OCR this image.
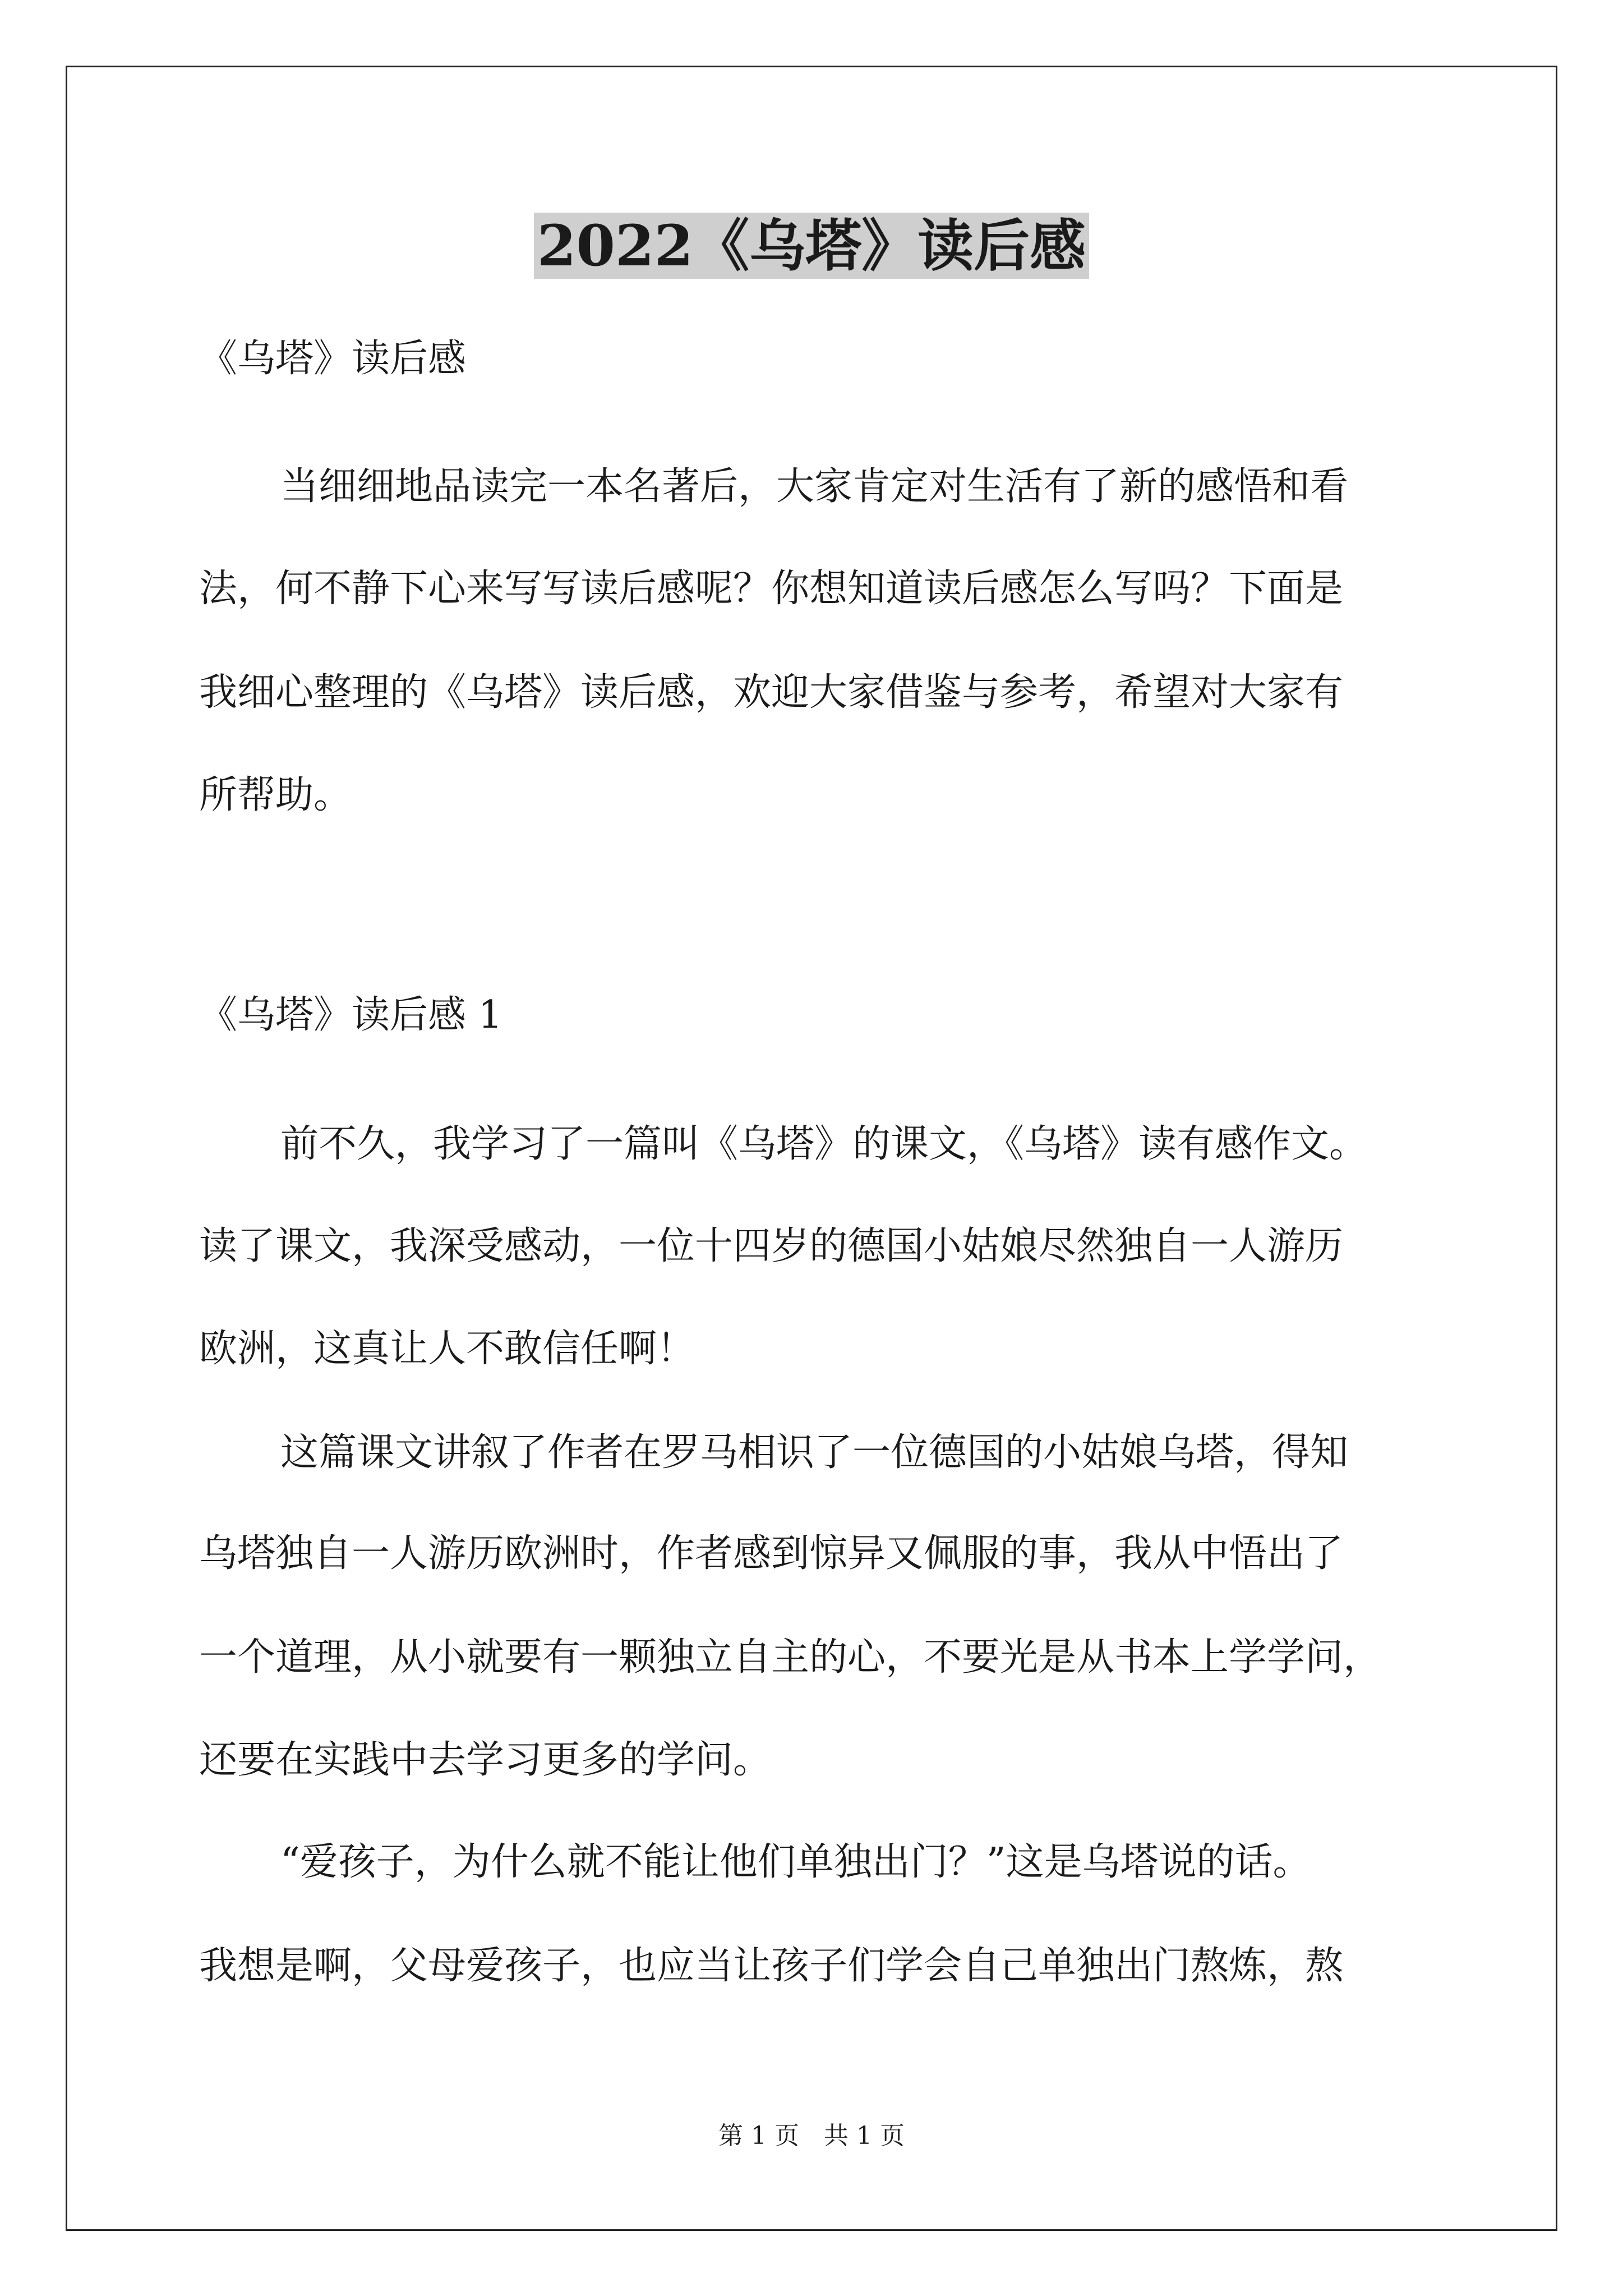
2022《乌塔》读后感
《乌塔》读后感
当细细地品读完一本名著后，大家肯定对生活有了新的感悟和看
法，何不静下心来写写读后感呢？你想知道读后感怎么写吗？下面是
我细心整理的《乌塔》读后感，欢迎大家借鉴与参考，希望对大家有
所帮助。
《乌塔》读后感 1
前不久，我学习了一篇叫《乌塔》的课文，《乌塔》读有感作文。
读了课文，我深受感动，一位十四岁的德国小姑娘尽然独自一人游历
欧洲，这真让人不敢信任啊！
这篇课文讲叙了作者在罗马相识了一位德国的小姑娘乌塔，得知
乌塔独自一人游历欧洲时，作者感到惊异又佩服的事，我从中悟出了
一个道理，从小就要有一颗独立自主的心，不要光是从书本上学学问，
还要在实践中去学习更多的学问。
“爱孩子，为什么就不能让他们单独出门？”这是乌塔说的话。
我想是啊，父母爱孩子，也应当让孩子们学会自己单独出门熬炼，熬
第 1 页　共 1 页
